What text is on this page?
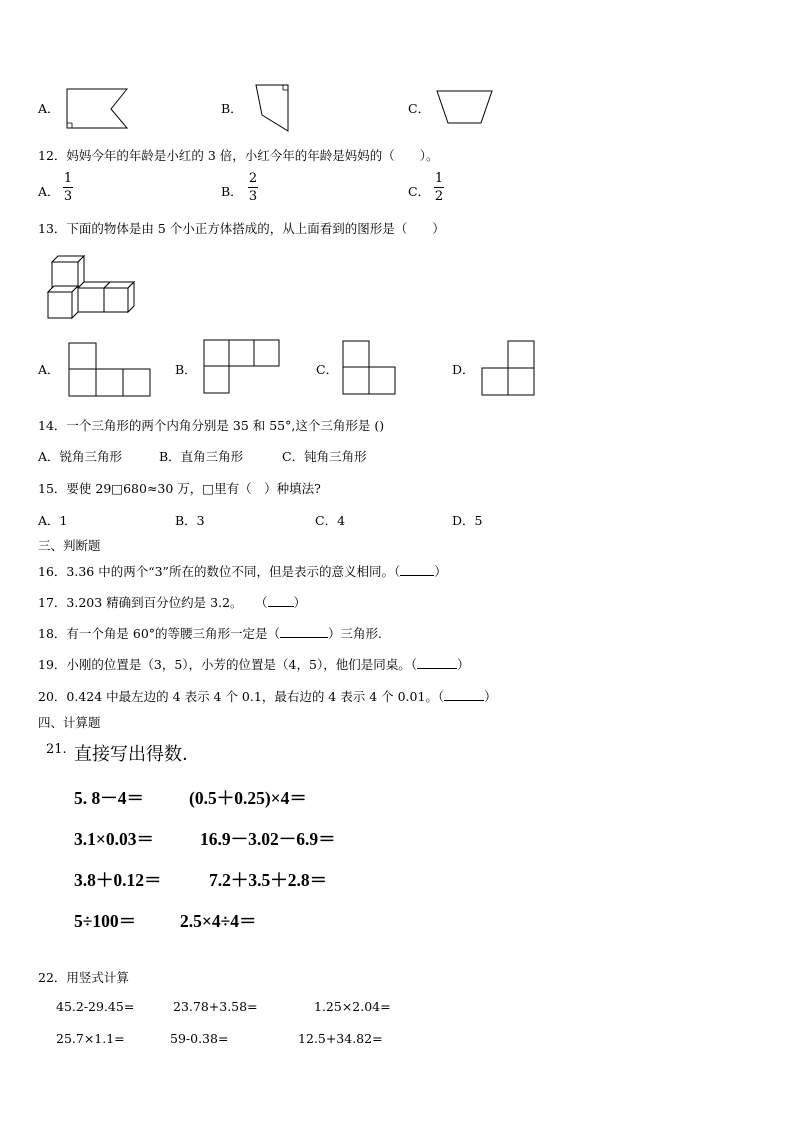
A．	B．	C．
12．妈妈今年的年龄是小红的 3 倍，小红今年的年龄是妈妈的（　　）。
A．
1
3	B．
2
3	C．
1
2
13．下面的物体是由 5 个小正方体搭成的，从上面看到的图形是（　　）
A．	B．	C．	D．
14．一个三角形的两个内角分别是 35 和 55°,这个三角形是 ()
A．锐角三角形	B．直角三角形	C．钝角三角形
15．要使 29□680≈30 万，□里有（　）种填法?
A．1	B．3	C．4	D．5
三、判断题
16．3.36 中的两个“3”所在的数位不同，但是表示的意义相同。（	）
17．3.203 精确到百分位约是 3.2。　　（ ）
18．有一个角是 60°的等腰三角形一定是（	）三角形.
19．小刚的位置是（3，5），小芳的位置是（4，5），他们是同桌。（	）
20．0.424 中最左边的 4 表示 4 个 0.1，最右边的 4 表示 4 个 0.01。（	）
四、计算题
21. 直接写出得数.
5. 8－4＝	(0.5＋0.25)×4＝
3.1×0.03＝	16.9－3.02－6.9＝
3.8＋0.12＝	7.2＋3.5＋2.8＝
5÷100＝	2.5×4÷4＝
22．用竖式计算
45.2-29.45=	23.78+3.58=	1.25×2.04=
25.7×1.1=	59-0.38=	12.5+34.82=
